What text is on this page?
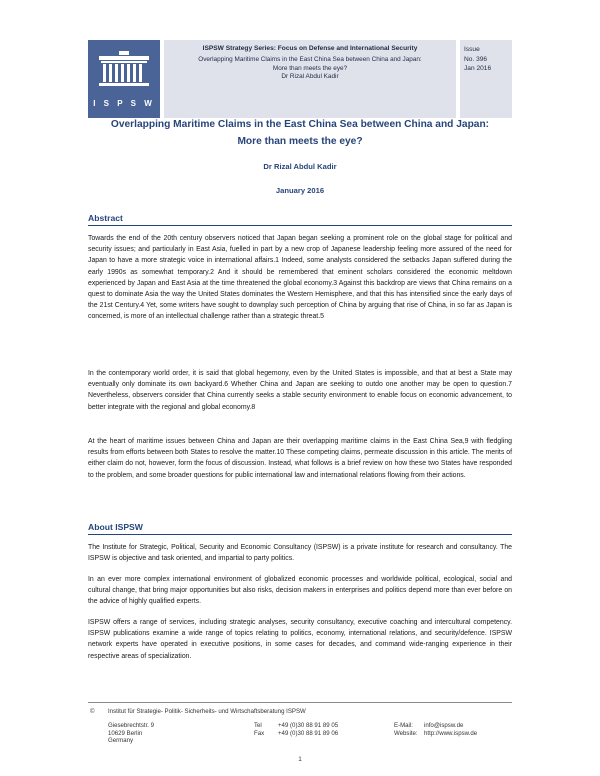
I S P S W
ISPSW Strategy Series: Focus on Defense and International Security
Overlapping Maritime Claims in the East China Sea between China and Japan:
More than meets the eye?
Dr Rizal Abdul Kadir
Issue
No. 396
Jan 2016
Overlapping Maritime Claims in the East China Sea between China and Japan:
More than meets the eye?
Dr Rizal Abdul Kadir
January 2016
Abstract

Towards the end of the 20th century observers noticed that Japan began seeking a prominent role on the global stage for political and security issues; and particularly in East Asia, fuelled in part by a new crop of Japanese leadership feeling more assured of the need for Japan to have a more strategic voice in international affairs.1 Indeed, some analysts considered the setbacks Japan suffered during the early 1990s as somewhat temporary.2 And it should be remembered that eminent scholars considered the economic meltdown experienced by Japan and East Asia at the time threatened the global economy.3 Against this backdrop are views that China remains on a quest to dominate Asia the way the United States dominates the Western Hemisphere, and that this has intensified since the early days of the 21st Century.4 Yet, some writers have sought to downplay such perception of China by arguing that rise of China, in so far as Japan is concerned, is more of an intellectual challenge rather than a strategic threat.5

In the contemporary world order, it is said that global hegemony, even by the United States is impossible, and that at best a State may eventually only dominate its own backyard.6 Whether China and Japan are seeking to outdo one another may be open to question.7 Nevertheless, observers consider that China currently seeks a stable security environment to enable focus on economic advancement, to better integrate with the regional and global economy.8

At the heart of maritime issues between China and Japan are their overlapping maritime claims in the East China Sea,9 with fledgling results from efforts between both States to resolve the matter.10 These competing claims, permeate discussion in this article. The merits of either claim do not, however, form the focus of discussion. Instead, what follows is a brief review on how these two States have responded to the problem, and some broader questions for public international law and international relations flowing from their actions.

About ISPSW

The Institute for Strategic, Political, Security and Economic Consultancy (ISPSW) is a private institute for research and consultancy. The ISPSW is objective and task oriented, and impartial to party politics.

In an ever more complex international environment of globalized economic processes and worldwide political, ecological, social and cultural change, that bring major opportunities but also risks, decision makers in enterprises and politics depend more than ever before on the advice of highly qualified experts.

ISPSW offers a range of services, including strategic analyses, security consultancy, executive coaching and intercultural competency. ISPSW publications examine a wide range of topics relating to politics, economy, international relations, and security/defence. ISPSW network experts have operated in executive positions, in some cases for decades, and command wide-ranging experience in their respective areas of specialization.

© Institut für Strategie- Politik- Sicherheits- und Wirtschaftsberatung ISPSW
Giesebrechtstr. 9
10629 Berlin
Germany
Tel
Fax
+49 (0)30 88 91 89 05
+49 (0)30 88 91 89 06
E-Mail:
Website:
info@ispsw.de
http://www.ispsw.de
1
